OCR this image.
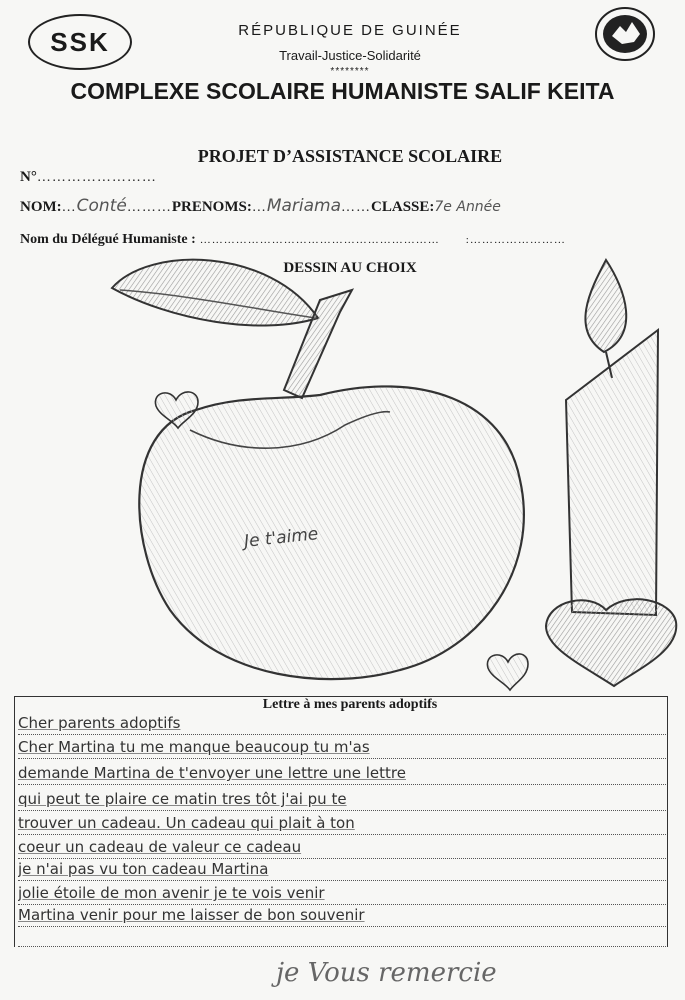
SSK	RÉPUBLIQUE DE GUINÉE
Travail-Justice-Solidarité
********
COMPLEXE SCOLAIRE HUMANISTE SALIF KEITA
PROJET D’ASSISTANCE SCOLAIRE
N°……………………
NOM:…Conté………PRENOMS:…Mariama……CLASSE:7e Année
Nom du Délégué Humaniste : …………………………………………………… :……………………
DESSIN AU CHOIX
Je t'aime
Lettre à mes parents adoptifs
Cher parents adoptifs
Cher Martina tu me manque beaucoup tu m'as
demande Martina de t'envoyer une lettre une lettre
qui peut te plaire ce matin tres tôt j'ai pu te
trouver un cadeau. Un cadeau qui plait à ton
coeur un cadeau de valeur ce cadeau
je n'ai pas vu ton cadeau Martina
jolie étoile de mon avenir je te vois venir
Martina venir pour me laisser de bon souvenir
je Vous remercie
